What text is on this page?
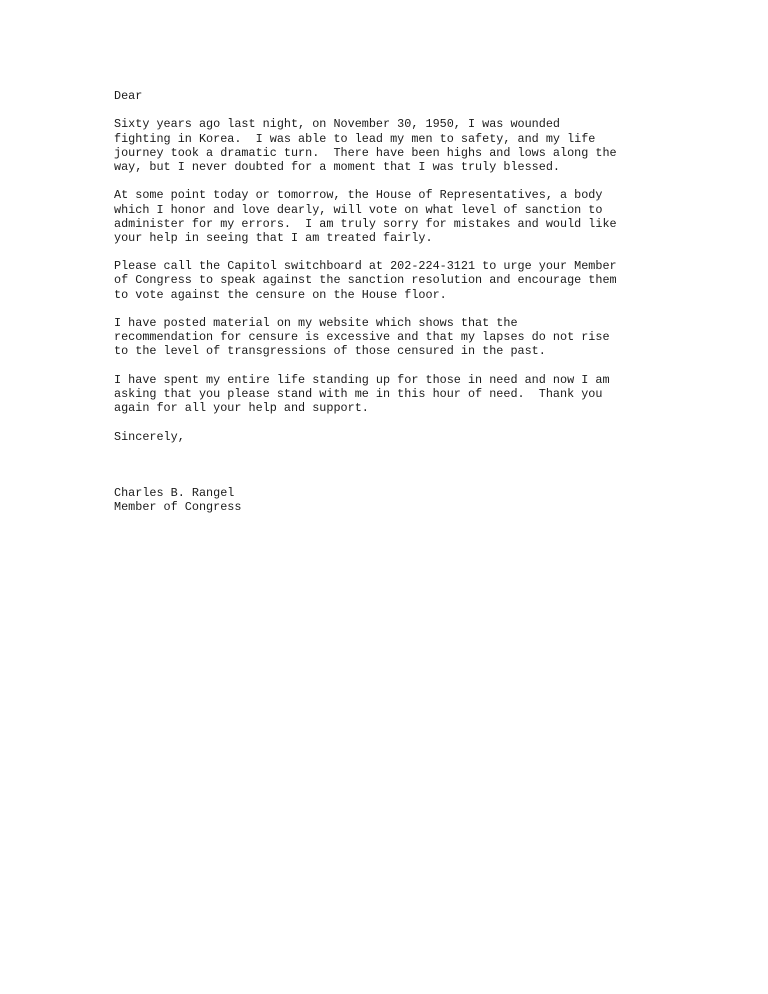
Dear
Sixty years ago last night, on November 30, 1950, I was wounded
fighting in Korea.  I was able to lead my men to safety, and my life
journey took a dramatic turn.  There have been highs and lows along the
way, but I never doubted for a moment that I was truly blessed.
At some point today or tomorrow, the House of Representatives, a body
which I honor and love dearly, will vote on what level of sanction to
administer for my errors.  I am truly sorry for mistakes and would like
your help in seeing that I am treated fairly.
Please call the Capitol switchboard at 202-224-3121 to urge your Member
of Congress to speak against the sanction resolution and encourage them
to vote against the censure on the House floor.
I have posted material on my website which shows that the
recommendation for censure is excessive and that my lapses do not rise
to the level of transgressions of those censured in the past.
I have spent my entire life standing up for those in need and now I am
asking that you please stand with me in this hour of need.  Thank you
again for all your help and support.
Sincerely,
Charles B. Rangel
Member of Congress
